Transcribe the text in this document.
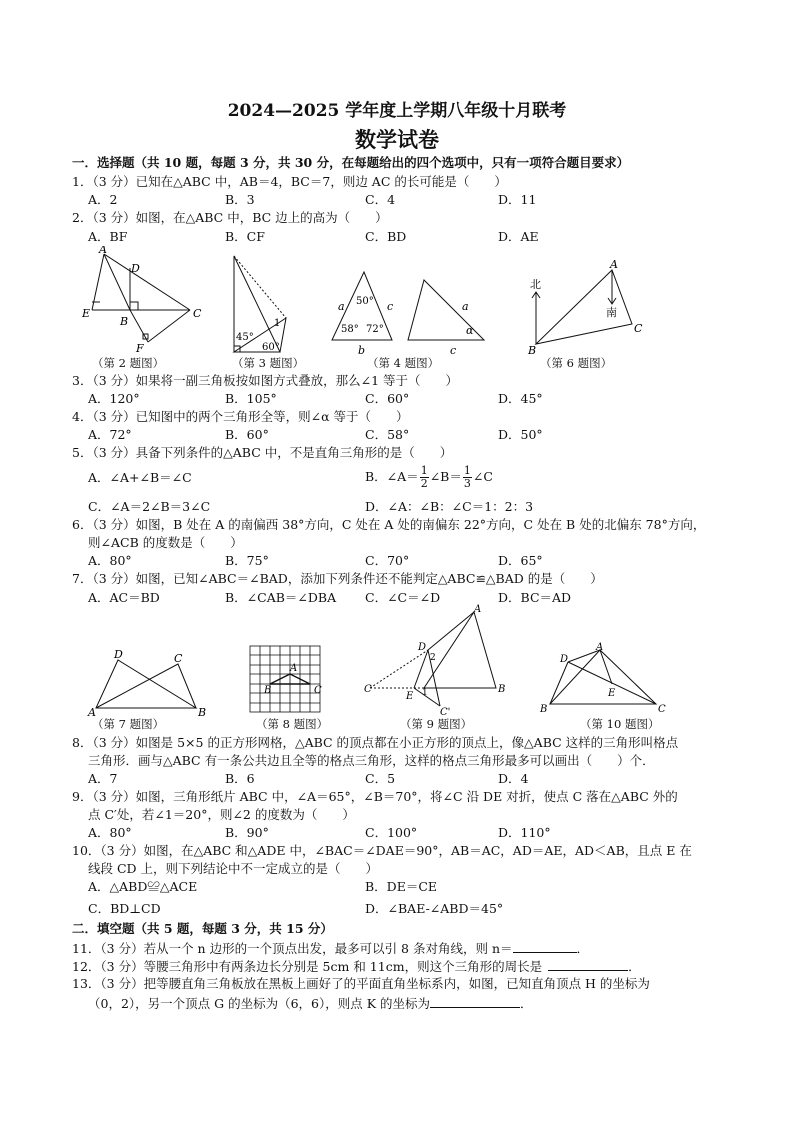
2024—2025 学年度上学期八年级十月联考
数学试卷
一．选择题（共 10 题，每题 3 分，共 30 分，在每题给出的四个选项中，只有一项符合题目要求）
1．（3 分）已知在△ABC 中，AB＝4，BC＝7，则边 AC 的长可能是（　　）
A．2	B．3	C．4	D．11
2．（3 分）如图，在△ABC 中，BC 边上的高为（　　）
A．BF	B．CF	C．BD	D．AE
A
D
E
B
C
F
（第 2 题图）
45°
60°
1
（第 3 题图）
50°
58° 72°
a	c
b
a
c
α
（第 4 题图）
北
南
A
B
C
（第 6 题图）
3．（3 分）如果将一副三角板按如图方式叠放，那么∠1 等于（　　）
A．120°	B．105°	C．60°	D．45°
4．（3 分）已知图中的两个三角形全等，则∠α 等于（　　）
A．72°	B．60°	C．58°	D．50°
5．（3 分）具备下列条件的△ABC 中，不是直角三角形的是（　　）
A．∠A+∠B＝∠C	B．∠A＝ $\frac{1}{2}$ ∠B＝ $\frac{1}{3}$ ∠C
C．∠A＝2∠B＝3∠C	D．∠A：∠B：∠C＝1：2：3
6．（3 分）如图，B 处在 A 的南偏西 38°方向，C 处在 A 处的南偏东 22°方向，C 处在 B 处的北偏东 78°方向，
则∠ACB 的度数是（　　）
A．80°	B．75°	C．70°	D．65°
7．（3 分）如图，已知∠ABC＝∠BAD，添加下列条件还不能判定△ABC≌△BAD 的是（　　）
A．AC＝BD	B．∠CAB＝∠DBA C．∠C＝∠D	D．BC＝AD
D	C
A	B
（第 7 题图）
A
B	C
（第 8 题图）
A
D
2
1
C
E
B
C'
（第 9 题图）
D
A
C
E
B
（第 10 题图）
8．（3 分）如图是 5×5 的正方形网格，△ABC 的顶点都在小正方形的顶点上，像△ABC 这样的三角形叫格点
三角形．画与△ABC 有一条公共边且全等的格点三角形，这样的格点三角形最多可以画出（　　）个．
A．7	B．6	C．5	D．4
9．（3 分）如图，三角形纸片 ABC 中，∠A＝65°，∠B＝70°，将∠C 沿 DE 对折，使点 C 落在△ABC 外的
点 C′处，若∠1＝20°，则∠2 的度数为（　　）
A．80°	B．90°	C．100°	D．110°
10．（3 分）如图，在△ABC 和△ADE 中，∠BAC＝∠DAE＝90°，AB＝AC，AD＝AE，AD＜AB，且点 E 在
线段 CD 上，则下列结论中不一定成立的是（　　）
A．△ABD≌△ACE	B．DE＝CE
C．BD⊥CD	D．∠BAE-∠ABD＝45°
二．填空题（共 5 题，每题 3 分，共 15 分）
11．（3 分）若从一个 n 边形的一个顶点出发，最多可以引 8 条对角线，则 n＝	．
12．（3 分）等腰三角形中有两条边长分别是 5cm 和 11cm，则这个三角形的周长是	．
13．（3 分）把等腰直角三角板放在黑板上画好了的平面直角坐标系内，如图，已知直角顶点 H 的坐标为
（0，2），另一个顶点 G 的坐标为（6，6），则点 K 的坐标为	．
